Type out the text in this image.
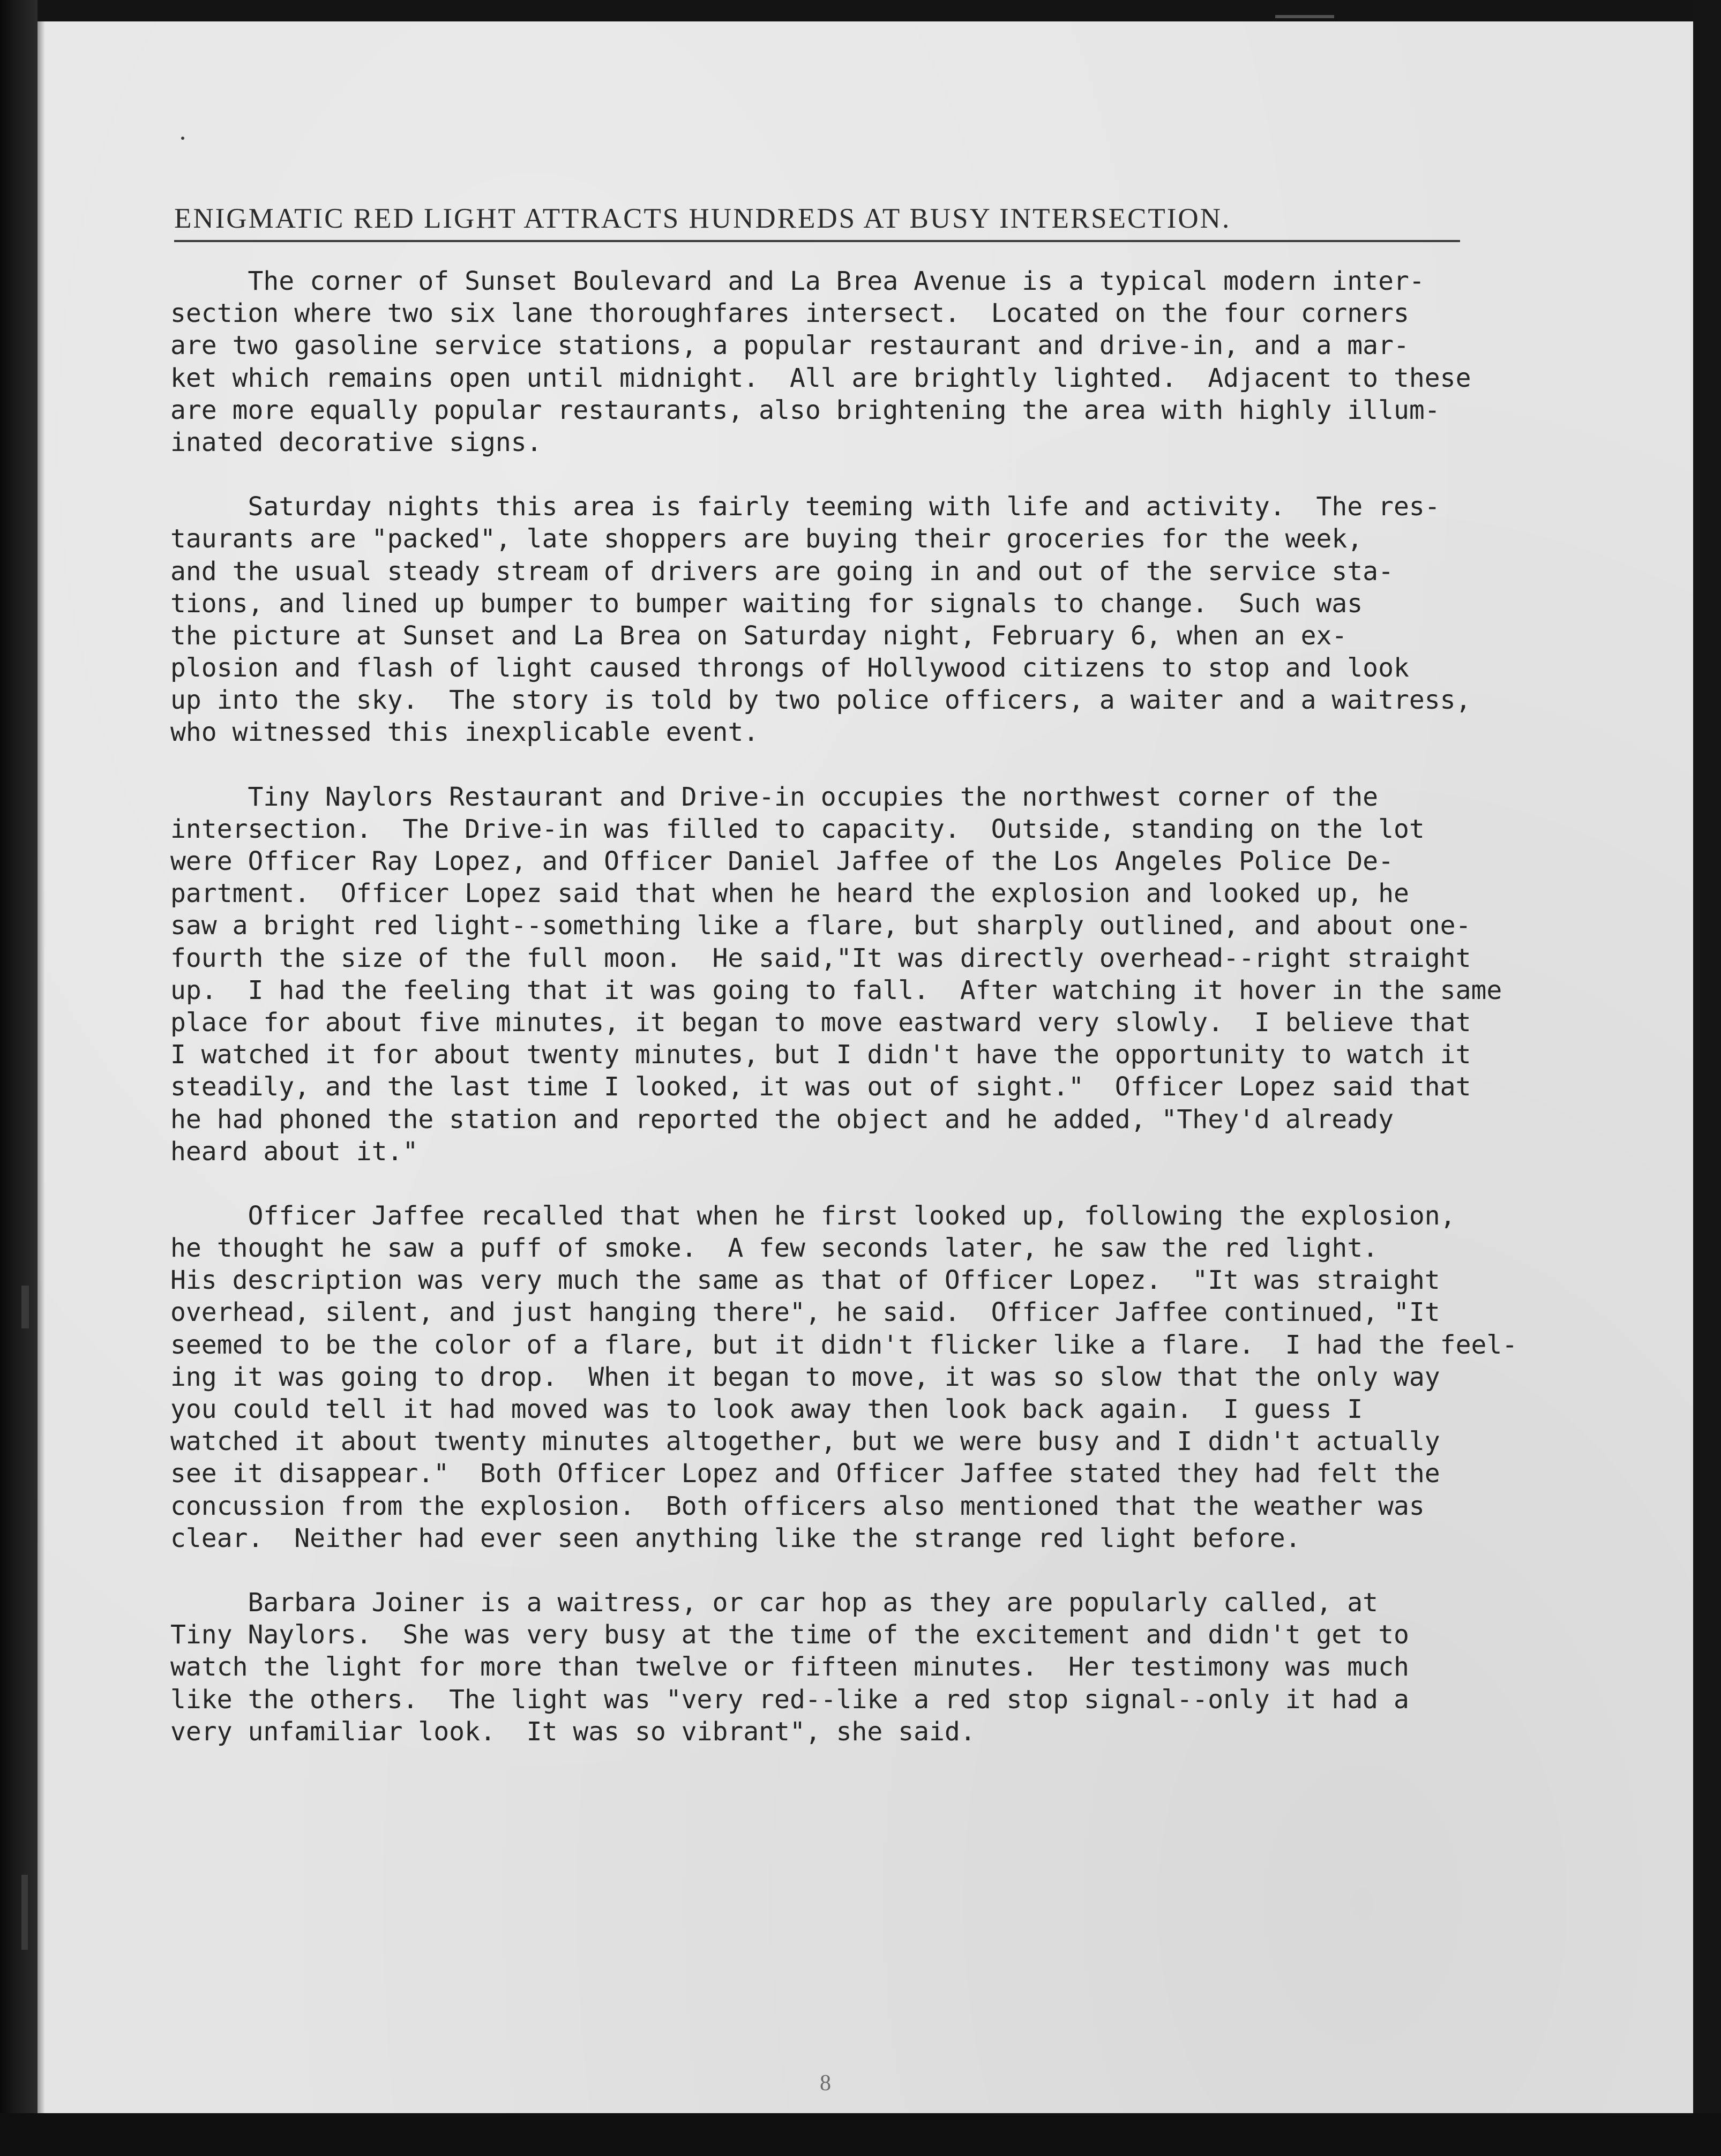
ENIGMATIC RED LIGHT ATTRACTS HUNDREDS AT BUSY INTERSECTION.
The corner of Sunset Boulevard and La Brea Avenue is a typical modern inter-
section where two six lane thoroughfares intersect.  Located on the four corners
are two gasoline service stations, a popular restaurant and drive-in, and a mar-
ket which remains open until midnight.  All are brightly lighted.  Adjacent to these
are more equally popular restaurants, also brightening the area with highly illum-
inated decorative signs.
Saturday nights this area is fairly teeming with life and activity.  The res-
taurants are "packed", late shoppers are buying their groceries for the week,
and the usual steady stream of drivers are going in and out of the service sta-
tions, and lined up bumper to bumper waiting for signals to change.  Such was
the picture at Sunset and La Brea on Saturday night, February 6, when an ex-
plosion and flash of light caused throngs of Hollywood citizens to stop and look
up into the sky.  The story is told by two police officers, a waiter and a waitress,
who witnessed this inexplicable event.
Tiny Naylors Restaurant and Drive-in occupies the northwest corner of the
intersection.  The Drive-in was filled to capacity.  Outside, standing on the lot
were Officer Ray Lopez, and Officer Daniel Jaffee of the Los Angeles Police De-
partment.  Officer Lopez said that when he heard the explosion and looked up, he
saw a bright red light--something like a flare, but sharply outlined, and about one-
fourth the size of the full moon.  He said,"It was directly overhead--right straight
up.  I had the feeling that it was going to fall.  After watching it hover in the same
place for about five minutes, it began to move eastward very slowly.  I believe that
I watched it for about twenty minutes, but I didn't have the opportunity to watch it
steadily, and the last time I looked, it was out of sight."  Officer Lopez said that
he had phoned the station and reported the object and he added, "They'd already
heard about it."
Officer Jaffee recalled that when he first looked up, following the explosion,
he thought he saw a puff of smoke.  A few seconds later, he saw the red light.
His description was very much the same as that of Officer Lopez.  "It was straight
overhead, silent, and just hanging there", he said.  Officer Jaffee continued, "It
seemed to be the color of a flare, but it didn't flicker like a flare.  I had the feel-
ing it was going to drop.  When it began to move, it was so slow that the only way
you could tell it had moved was to look away then look back again.  I guess I
watched it about twenty minutes altogether, but we were busy and I didn't actually
see it disappear."  Both Officer Lopez and Officer Jaffee stated they had felt the
concussion from the explosion.  Both officers also mentioned that the weather was
clear.  Neither had ever seen anything like the strange red light before.
Barbara Joiner is a waitress, or car hop as they are popularly called, at
Tiny Naylors.  She was very busy at the time of the excitement and didn't get to
watch the light for more than twelve or fifteen minutes.  Her testimony was much
like the others.  The light was "very red--like a red stop signal--only it had a
very unfamiliar look.  It was so vibrant", she said.
8
